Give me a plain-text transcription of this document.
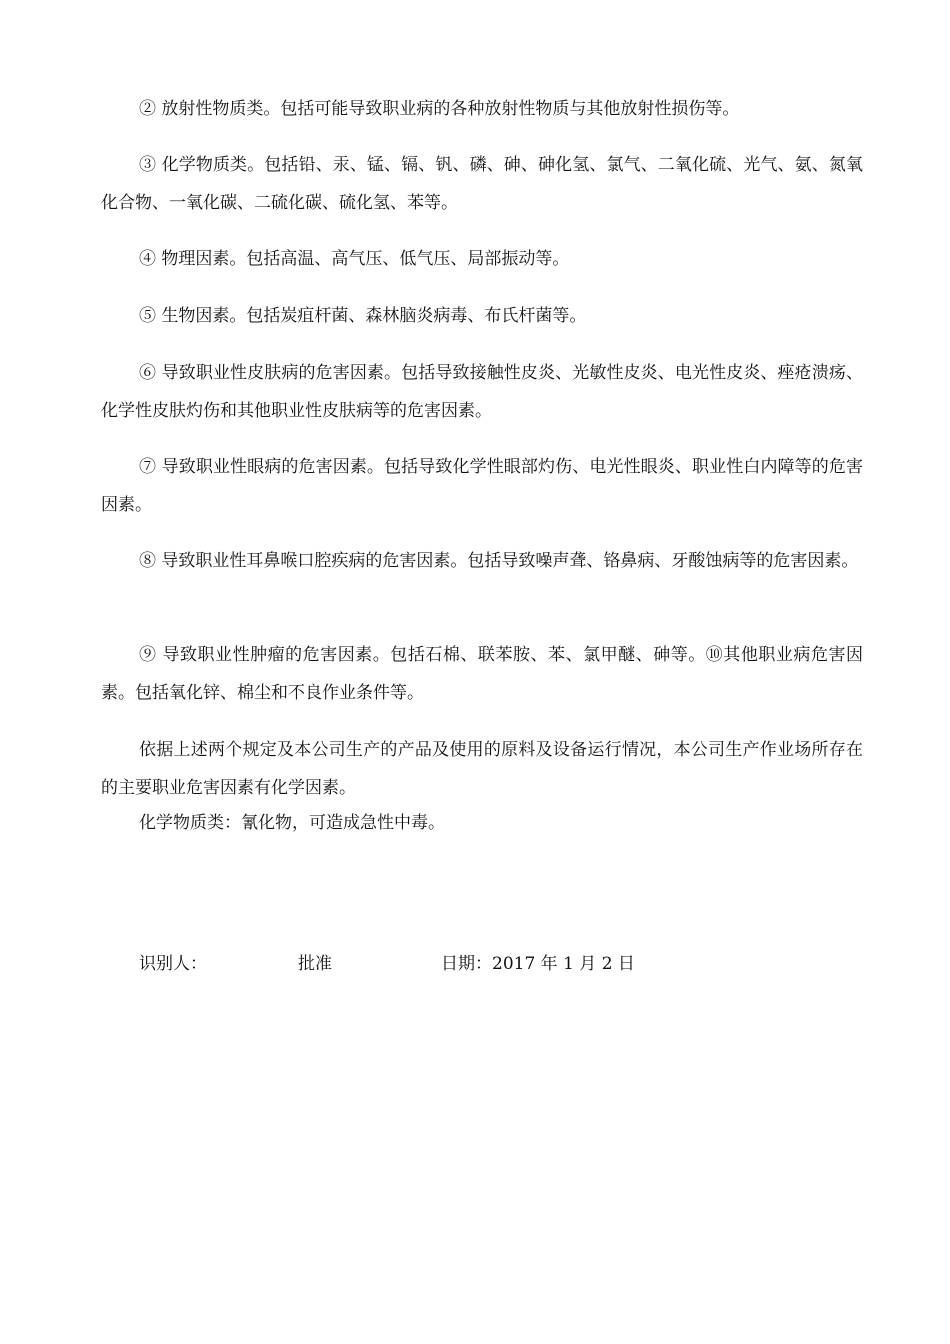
② 放射性物质类。包括可能导致职业病的各种放射性物质与其他放射性损伤等。

③ 化学物质类。包括铅、汞、锰、镉、钒、磷、砷、砷化氢、氯气、二氧化硫、光气、氨、氮氧化合物、一氧化碳、二硫化碳、硫化氢、苯等。

④ 物理因素。包括高温、高气压、低气压、局部振动等。

⑤ 生物因素。包括炭疽杆菌、森林脑炎病毒、布氏杆菌等。

⑥ 导致职业性皮肤病的危害因素。包括导致接触性皮炎、光敏性皮炎、电光性皮炎、痤疮溃疡、化学性皮肤灼伤和其他职业性皮肤病等的危害因素。

⑦ 导致职业性眼病的危害因素。包括导致化学性眼部灼伤、电光性眼炎、职业性白内障等的危害因素。

⑧ 导致职业性耳鼻喉口腔疾病的危害因素。包括导致噪声聋、铬鼻病、牙酸蚀病等的危害因素。

⑨ 导致职业性肿瘤的危害因素。包括石棉、联苯胺、苯、氯甲醚、砷等。⑩其他职业病危害因素。包括氧化锌、棉尘和不良作业条件等。

依据上述两个规定及本公司生产的产品及使用的原料及设备运行情况，本公司生产作业场所存在的主要职业危害因素有化学因素。

化学物质类：氰化物，可造成急性中毒。

识别人：	批准	日期：2017 年 1 月 2 日
